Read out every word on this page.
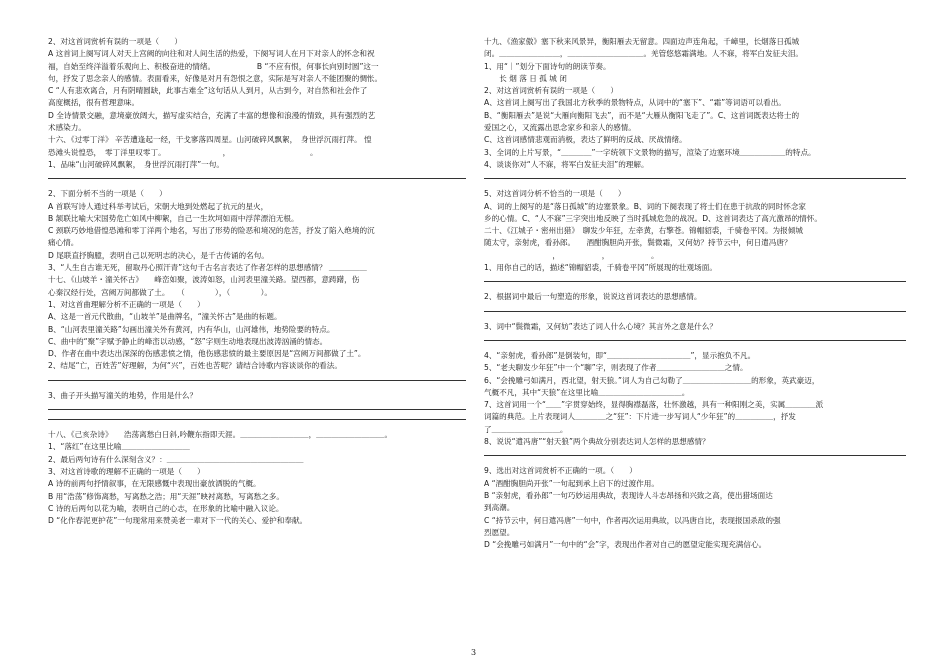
2、对这首词赏析有误的一项是（　　）
A 这首词上阕写词人对天上宫阙的向往和对人间生活的热爱，下阕写词人在月下对亲人的怀念和祝
福，自始至终洋溢着乐观向上、积极奋进的情绪。　　　　　　B “不应有恨，何事长向别时圆”这一
句，抒发了思念亲人的感情。表面看来，好像是对月有怨恨之意，实际是写对亲人不能团聚的惆怅。
C “人有悲欢离合，月有阴晴圆缺，此事古难全”这句话从人到月，从古到今，对自然和社会作了
高度概括，很有哲理意味。
D 全诗情景交融，意境豪放阔大，描写虚实结合，充满了丰富的想像和浪漫的情致，具有强烈的艺
术感染力。
十六、《过零丁洋》 辛苦遭逢起一经，干戈寥落四周星。山河破碎风飘絮，　身世浮沉雨打萍。 惶
恐滩头说惶恐，　零丁洋里叹零丁。　　　　　　　　，　　　　　　　　　　　。
1、品味“山河破碎风飘絮，　身世浮沉雨打萍”一句。
2、下面分析不当的一项是（　　）
A 首联写诗人通过科举考试后，宋朝大地到处燃起了抗元的星火，
B 颔联比喻大宋国势危亡如风中柳絮，自己一生坎坷如雨中浮萍漂泊无根。
C 颈联巧妙地借惶恐滩和零丁洋两个地名，写出了形势的险恶和境况的危苦，抒发了陷入绝境的沉
痛心情。
D 尾联直抒胸臆，表明自己以死明志的决心，是千古传诵的名句。
3、“人生自古谁无死，留取丹心照汗青”这句千古名言表达了作者怎样的思想感情？ ＿＿＿＿＿
十七、《山坡羊・潼关怀古》　　峰峦如聚，波涛如怒，山河表里潼关路。望西都，意踌躇，伤
心秦汉经行处，宫阙万间都做了土。　　（　　　　），（　　　　）。
1、对这首曲理解分析不正确的一项是（　　）
A、这是一首元代散曲，“山坡羊”是曲牌名，“潼关怀古”是曲的标题。
B、“山河表里潼关路”勾画出潼关外有黄河，内有华山，山河雄伟，地势险要的特点。
C、曲中的“聚”字赋予静止的峰峦以动感，“怒”字则生动地表现出波涛汹涌的情态。
D、作者在曲中表达出深深的伤感悲愤之情，他伤感悲愤的最主要原因是“宫阙万间都做了土”。
2、结尾“亡，百姓苦”好理解，为何“兴”，百姓也苦呢？请结合诗歌内容谈谈你的看法。
3、曲子开头描写潼关的地势，作用是什么？
十八、《己亥杂诗》　　浩荡离愁白日斜,吟鞭东指即天涯。＿＿＿＿＿＿＿＿＿，＿＿＿＿＿＿＿＿＿。
1、“落红”在这里比喻＿＿＿＿＿＿＿＿＿
2、最后两句诗有什么深刻含义？：＿＿＿＿＿＿＿＿＿＿＿＿＿＿＿＿＿＿
3、对这首诗歌的理解不正确的一项是（　　）
A 诗的前两句抒情叙事，在无限感慨中表现出豪放洒脱的气概。
B 用“浩荡”修饰离愁，写离愁之浩；用“天涯”映衬离愁，写离愁之多。
C 诗的后两句以花为喻，表明自己的心志，在形象的比喻中融入议论。
D “化作春泥更护花”一句现常用来赞美老一辈对下一代的关心、爱护和奉献。
十九、《渔家傲》塞下秋来风景异，衡阳雁去无留意。四面边声连角起，千嶂里，长烟落日孤城
闭。＿＿＿＿＿＿＿＿，＿＿＿＿＿＿＿＿＿＿。羌管悠悠霜满地。人不寐，将军白发征夫泪。
1、用“｜”划分下面诗句的朗读节奏。
　　长 烟 落 日 孤 城 闭
2、对这首词赏析有误的一项是（　　）
A、这首词上阕写出了我国北方秋季的景物特点，从词中的“塞下”、“霜”等词语可以看出。
B、“衡阳雁去”是说“大雁向衡阳飞去”，而不是“大雁从衡阳飞走了”。C、这首词既表达将士的
爱国之心，又流露出思念家乡和亲人的感情。
C、这首词感情悲观而消极，表达了鲜明的反战、厌战情绪。
3、全词的上片写景，“＿＿＿＿”一字统领下文景物的描写，渲染了边塞环境＿＿＿＿＿＿的特点。
4、谈谈你对“人不寐，将军白发征夫泪”的理解。
5、对这首词分析不恰当的一项是（　　）
A、词的上阕写的是“落日孤城”的边塞景象。B、词的下阕表现了将士们在患于抗敌的同时怀念家
乡的心情。C、“人不寐”三字突出地反映了当时孤城危急的战况。D、这首词表达了高亢激昂的情怀。
二十、《江城子・密州出猎》　聊发少年狂，左牵黄，右擎苍。锦帽貂裘，千骑卷平冈。为报倾城
随太守，亲射虎，看孙郎。　　酒酣胸胆尚开张，鬓微霜，又何妨？持节云中，何日遣冯唐？
　　　　　　　　　，　　　　　　，　　　　　　。
1、用你自己的话，描述“锦帽貂裘，千骑卷平冈”所展现的壮观场面。
2、根据词中最后一句塑造的形象，说说这首词表达的思想感情。
3、词中“鬓微霜，又何妨”表达了词人什么心境？其言外之意是什么？
4、“亲射虎，看孙郎”是倒装句，即“＿＿＿＿＿＿＿＿＿＿＿”，显示抱负不凡。
5、“老夫聊发少年狂”中一个“聊”字，则表现了作者＿＿＿＿＿＿＿＿＿之情。
6、“会挽雕弓如满月，西北望，射天狼。”词人为自己勾勒了＿＿＿＿＿＿＿＿＿的形象，英武豪迈，
气概不凡，其中“天狼”在这里比喻＿＿＿＿＿＿＿＿＿＿＿。
7、这首词用一个“＿＿”字贯穿始终，显得胸襟磊落，壮怀激越，具有一种阳刚之美，实属＿＿＿＿派
词篇的典范。上片表现词人＿＿＿＿之“狂”：下片进一步写词人“少年狂”的＿＿＿＿＿，抒发
了＿＿＿＿＿＿＿＿＿。
8、说说“遣冯唐”“射天狼”两个典故分别表达词人怎样的思想感情？
9、选出对这首词赏析不正确的一项。（　　）
A “酒酣胸胆尚开张”一句起到承上启下的过渡作用。
B “亲射虎，看孙郎”一句巧妙运用典故，表现诗人斗志昂扬和兴致之高，使出猎场面达
到高潮。
C “持节云中，何日遣冯唐”一句中，作者再次运用典故，以冯唐自比，表现报国杀敌的强
烈愿望。
D “会挽雕弓如满月”一句中的“会”字，表现出作者对自己的愿望定能实现充满信心。
3
